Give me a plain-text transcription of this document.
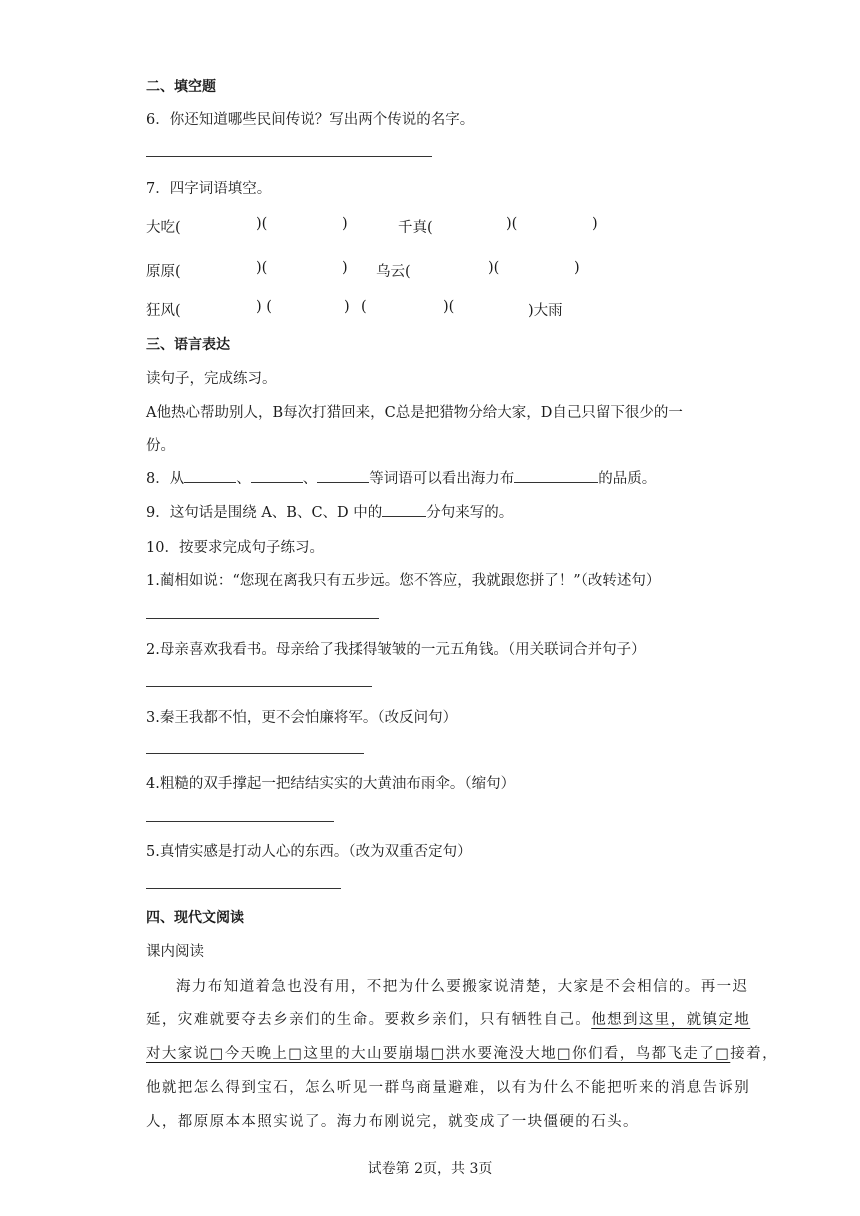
二、填空题
6．你还知道哪些民间传说？写出两个传说的名字。
7．四字词语填空。
大吃(	)(	)	千真(	)(	)
原原(	)(	) 乌云(	)(	)
狂风(	) (	) (	)(	)大雨
三、语言表达
读句子，完成练习。
A他热心帮助别人，B每次打猎回来，C总是把猎物分给大家，D自己只留下很少的一
份。
8．从	、	、	等词语可以看出海力布	的品质。
9．这句话是围绕 A、B、C、D 中的	分句来写的。
10．按要求完成句子练习。
1.蔺相如说：“您现在离我只有五步远。您不答应，我就跟您拼了！”（改转述句）
2.母亲喜欢我看书。母亲给了我揉得皱皱的一元五角钱。（用关联词合并句子）
3.秦王我都不怕，更不会怕廉将军。（改反问句）
4.粗糙的双手撑起一把结结实实的大黄油布雨伞。（缩句）
5.真情实感是打动人心的东西。（改为双重否定句）
四、现代文阅读
课内阅读
海力布知道着急也没有用，不把为什么要搬家说清楚，大家是不会相信的。再一迟
延，灾难就要夺去乡亲们的生命。要救乡亲们，只有牺牲自己。他想到这里，就镇定地
对大家说□今天晚上□这里的大山要崩塌□洪水要淹没大地□你们看，鸟都飞走了□接着，
他就把怎么得到宝石，怎么听见一群鸟商量避难，以有为什么不能把听来的消息告诉别
人，都原原本本照实说了。海力布刚说完，就变成了一块僵硬的石头。
试卷第 2页，共 3页
